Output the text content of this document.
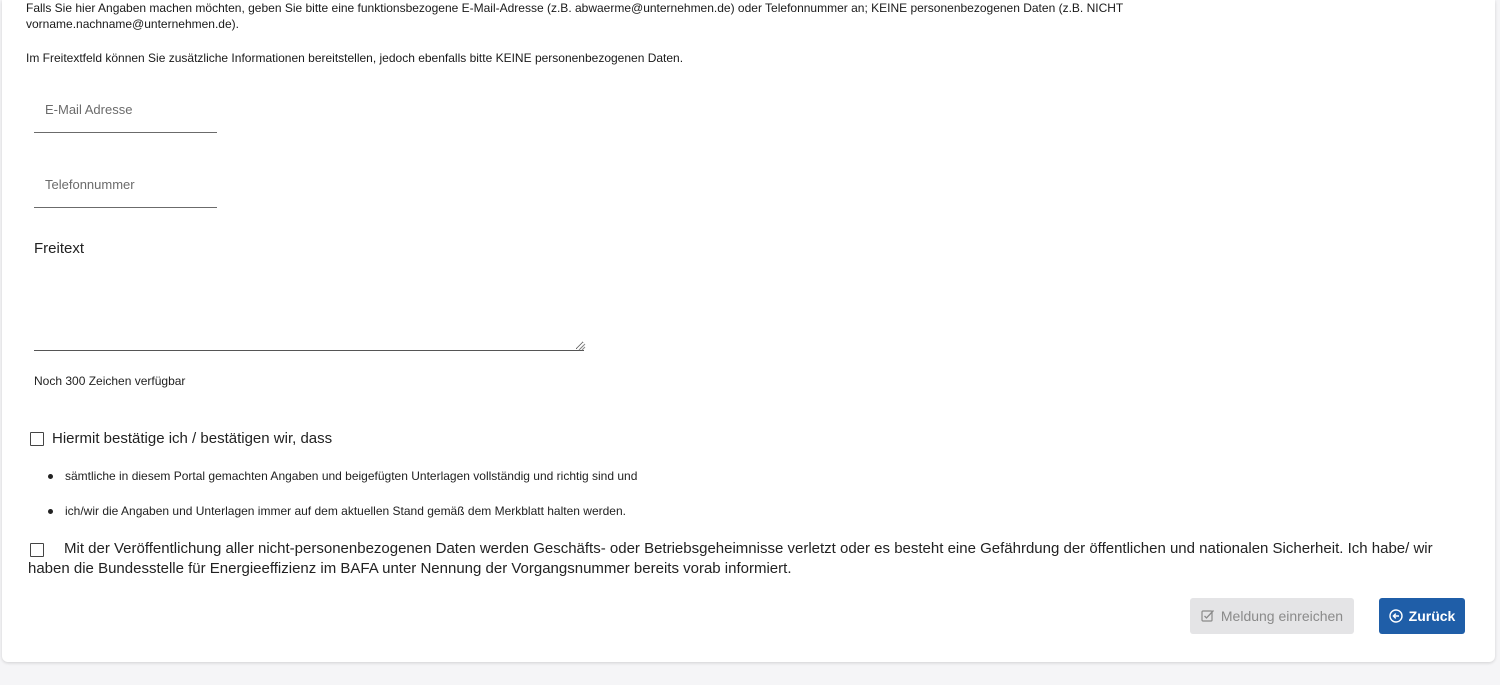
Falls Sie hier Angaben machen möchten, geben Sie bitte eine funktionsbezogene E-Mail-Adresse (z.B. abwaerme@unternehmen.de) oder Telefonnummer an; KEINE personenbezogenen Daten (z.B. NICHT vorname.nachname@unternehmen.de).
Im Freitextfeld können Sie zusätzliche Informationen bereitstellen, jedoch ebenfalls bitte KEINE personenbezogenen Daten.
E-Mail Adresse
Telefonnummer
Freitext
Noch 300 Zeichen verfügbar
Hiermit bestätige ich / bestätigen wir, dass
sämtliche in diesem Portal gemachten Angaben und beigefügten Unterlagen vollständig und richtig sind und
ich/wir die Angaben und Unterlagen immer auf dem aktuellen Stand gemäß dem Merkblatt halten werden.
Mit der Veröffentlichung aller nicht-personenbezogenen Daten werden Geschäfts- oder Betriebsgeheimnisse verletzt oder es besteht eine Gefährdung der öffentlichen und nationalen Sicherheit. Ich habe/ wir haben die Bundesstelle für Energieeffizienz im BAFA unter Nennung der Vorgangsnummer bereits vorab informiert.
Meldung einreichen	Zurück
